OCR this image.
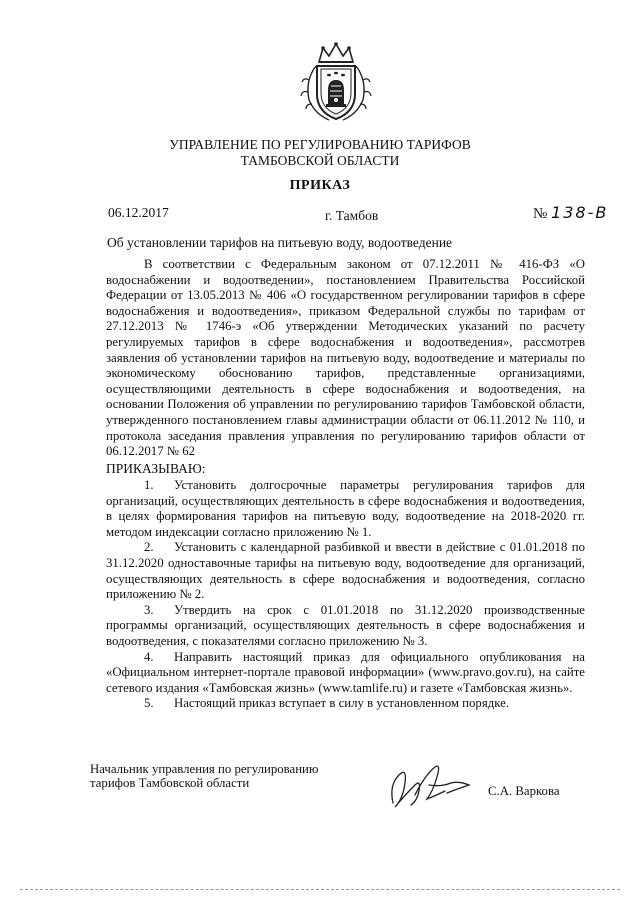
УПРАВЛЕНИЕ ПО РЕГУЛИРОВАНИЮ ТАРИФОВ
ТАМБОВСКОЙ ОБЛАСТИ
ПРИКАЗ
06.12.2017	г. Тамбов	№ 138-В
Об установлении тарифов на питьевую воду, водоотведение
В соответствии с Федеральным законом от 07.12.2011 № 416-ФЗ «О водоснабжении и водоотведении», постановлением Правительства Российской Федерации от 13.05.2013 № 406 «О государственном регулировании тарифов в сфере водоснабжения и водоотведения», приказом Федеральной службы по тарифам от 27.12.2013 № 1746-э «Об утверждении Методических указаний по расчету регулируемых тарифов в сфере водоснабжения и водоотведения», рассмотрев заявления об установлении тарифов на питьевую воду, водоотведение и материалы по экономическому обоснованию тарифов, представленные организациями, осуществляющими деятельность в сфере водоснабжения и водоотведения, на основании Положения об управлении по регулированию тарифов Тамбовской области, утвержденного постановлением главы администрации области от 06.11.2012 № 110, и протокола заседания правления управления по регулированию тарифов области от 06.12.2017 № 62
ПРИКАЗЫВАЮ:
1. Установить долгосрочные параметры регулирования тарифов для организаций, осуществляющих деятельность в сфере водоснабжения и водоотведения, в целях формирования тарифов на питьевую воду, водоотведение на 2018-2020 гг. методом индексации согласно приложению № 1.
2. Установить с календарной разбивкой и ввести в действие с 01.01.2018 по 31.12.2020 одноставочные тарифы на питьевую воду, водоотведение для организаций, осуществляющих деятельность в сфере водоснабжения и водоотведения, согласно приложению № 2.
3. Утвердить на срок с 01.01.2018 по 31.12.2020 производственные программы организаций, осуществляющих деятельность в сфере водоснабжения и водоотведения, с показателями согласно приложению № 3.
4. Направить настоящий приказ для официального опубликования на «Официальном интернет-портале правовой информации» (www.pravo.gov.ru), на сайте сетевого издания «Тамбовская жизнь» (www.tamlife.ru) и газете «Тамбовская жизнь».
5. Настоящий приказ вступает в силу в установленном порядке.
Начальник управления по регулированию
тарифов Тамбовской области
С.А. Варкова
